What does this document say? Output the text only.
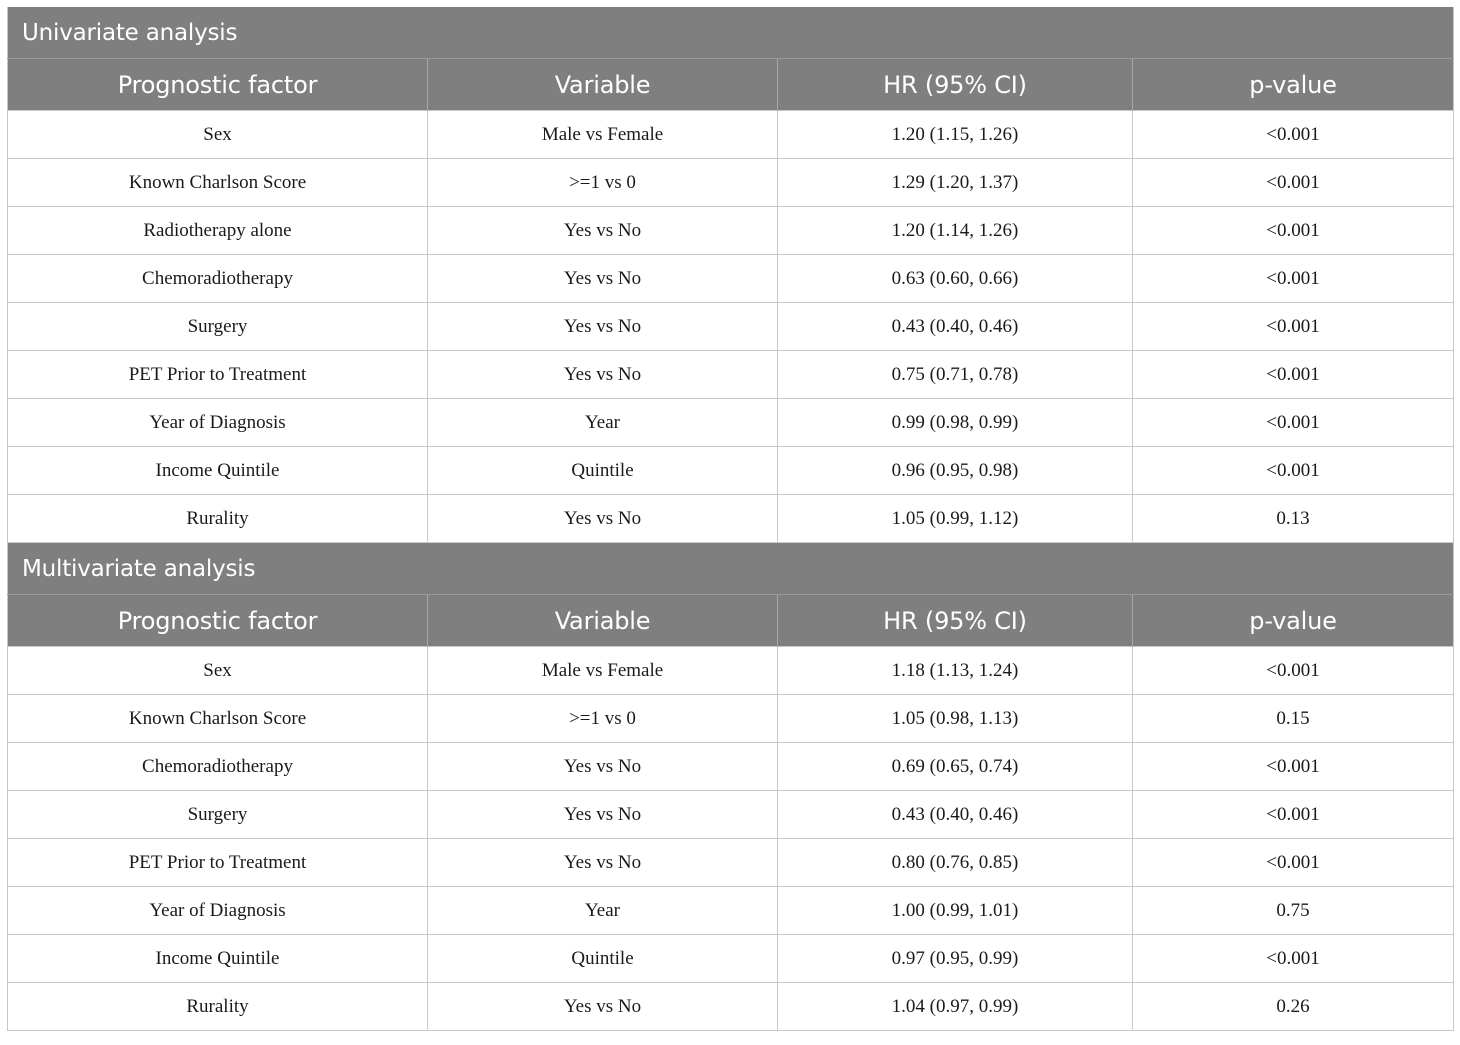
Univariate analysis			
Prognostic factor	Variable	HR (95% CI)	p-value
Sex	Male vs Female	1.20 (1.15, 1.26)	<0.001
Known Charlson Score	>=1 vs 0	1.29 (1.20, 1.37)	<0.001
Radiotherapy alone	Yes vs No	1.20 (1.14, 1.26)	<0.001
Chemoradiotherapy	Yes vs No	0.63 (0.60, 0.66)	<0.001
Surgery	Yes vs No	0.43 (0.40, 0.46)	<0.001
PET Prior to Treatment	Yes vs No	0.75 (0.71, 0.78)	<0.001
Year of Diagnosis	Year	0.99 (0.98, 0.99)	<0.001
Income Quintile	Quintile	0.96 (0.95, 0.98)	<0.001
Rurality	Yes vs No	1.05 (0.99, 1.12)	0.13
Multivariate analysis			
Prognostic factor	Variable	HR (95% CI)	p-value
Sex	Male vs Female	1.18 (1.13, 1.24)	<0.001
Known Charlson Score	>=1 vs 0	1.05 (0.98, 1.13)	0.15
Chemoradiotherapy	Yes vs No	0.69 (0.65, 0.74)	<0.001
Surgery	Yes vs No	0.43 (0.40, 0.46)	<0.001
PET Prior to Treatment	Yes vs No	0.80 (0.76, 0.85)	<0.001
Year of Diagnosis	Year	1.00 (0.99, 1.01)	0.75
Income Quintile	Quintile	0.97 (0.95, 0.99)	<0.001
Rurality	Yes vs No	1.04 (0.97, 0.99)	0.26
